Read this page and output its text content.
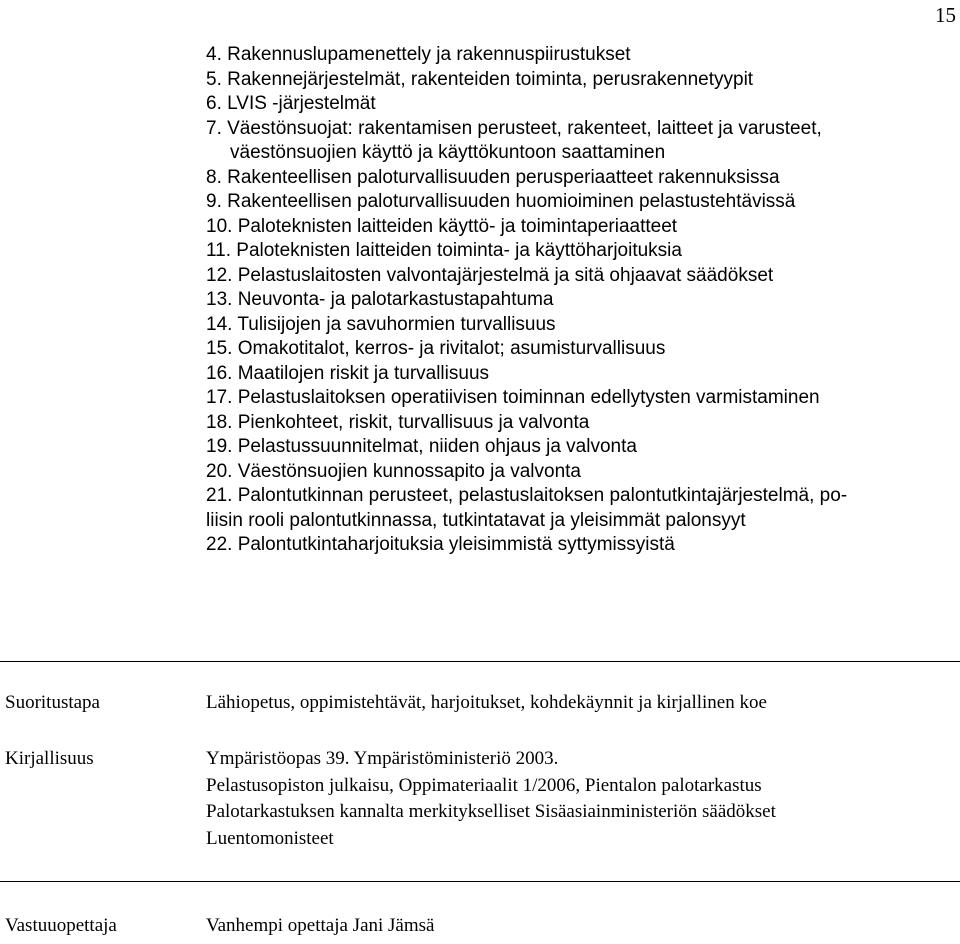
15

4. Rakennuslupamenettely ja rakennuspiirustukset

5. Rakennejärjestelmät, rakenteiden toiminta, perusrakennetyypit

6. LVIS -järjestelmät

7. Väestönsuojat: rakentamisen perusteet, rakenteet, laitteet ja varusteet,

väestönsuojien käyttö ja käyttökuntoon saattaminen

8. Rakenteellisen paloturvallisuuden perusperiaatteet rakennuksissa

9. Rakenteellisen paloturvallisuuden huomioiminen pelastustehtävissä

10. Paloteknisten laitteiden käyttö- ja toimintaperiaatteet

11. Paloteknisten laitteiden toiminta- ja käyttöharjoituksia

12. Pelastuslaitosten valvontajärjestelmä ja sitä ohjaavat säädökset

13. Neuvonta- ja palotarkastustapahtuma

14. Tulisijojen ja savuhormien turvallisuus

15. Omakotitalot, kerros- ja rivitalot; asumisturvallisuus

16. Maatilojen riskit ja turvallisuus

17. Pelastuslaitoksen operatiivisen toiminnan edellytysten varmistaminen

18. Pienkohteet, riskit, turvallisuus ja valvonta

19. Pelastussuunnitelmat, niiden ohjaus ja valvonta

20. Väestönsuojien kunnossapito ja valvonta

21. Palontutkinnan perusteet, pelastuslaitoksen palontutkintajärjestelmä, po-

liisin rooli palontutkinnassa, tutkintatavat ja yleisimmät palonsyyt

22. Palontutkintaharjoituksia yleisimmistä syttymissyistä

Suoritustapa	Lähiopetus, oppimistehtävät, harjoitukset, kohdekäynnit ja kirjallinen koe
Kirjallisuus	Ympäristöopas 39. Ympäristöministeriö 2003.

Pelastusopiston julkaisu, Oppimateriaalit 1/2006, Pientalon palotarkastus

Palotarkastuksen kannalta merkitykselliset Sisäasiainministeriön säädökset

Luentomonisteet

Vastuuopettaja	Vanhempi opettaja Jani Jämsä
